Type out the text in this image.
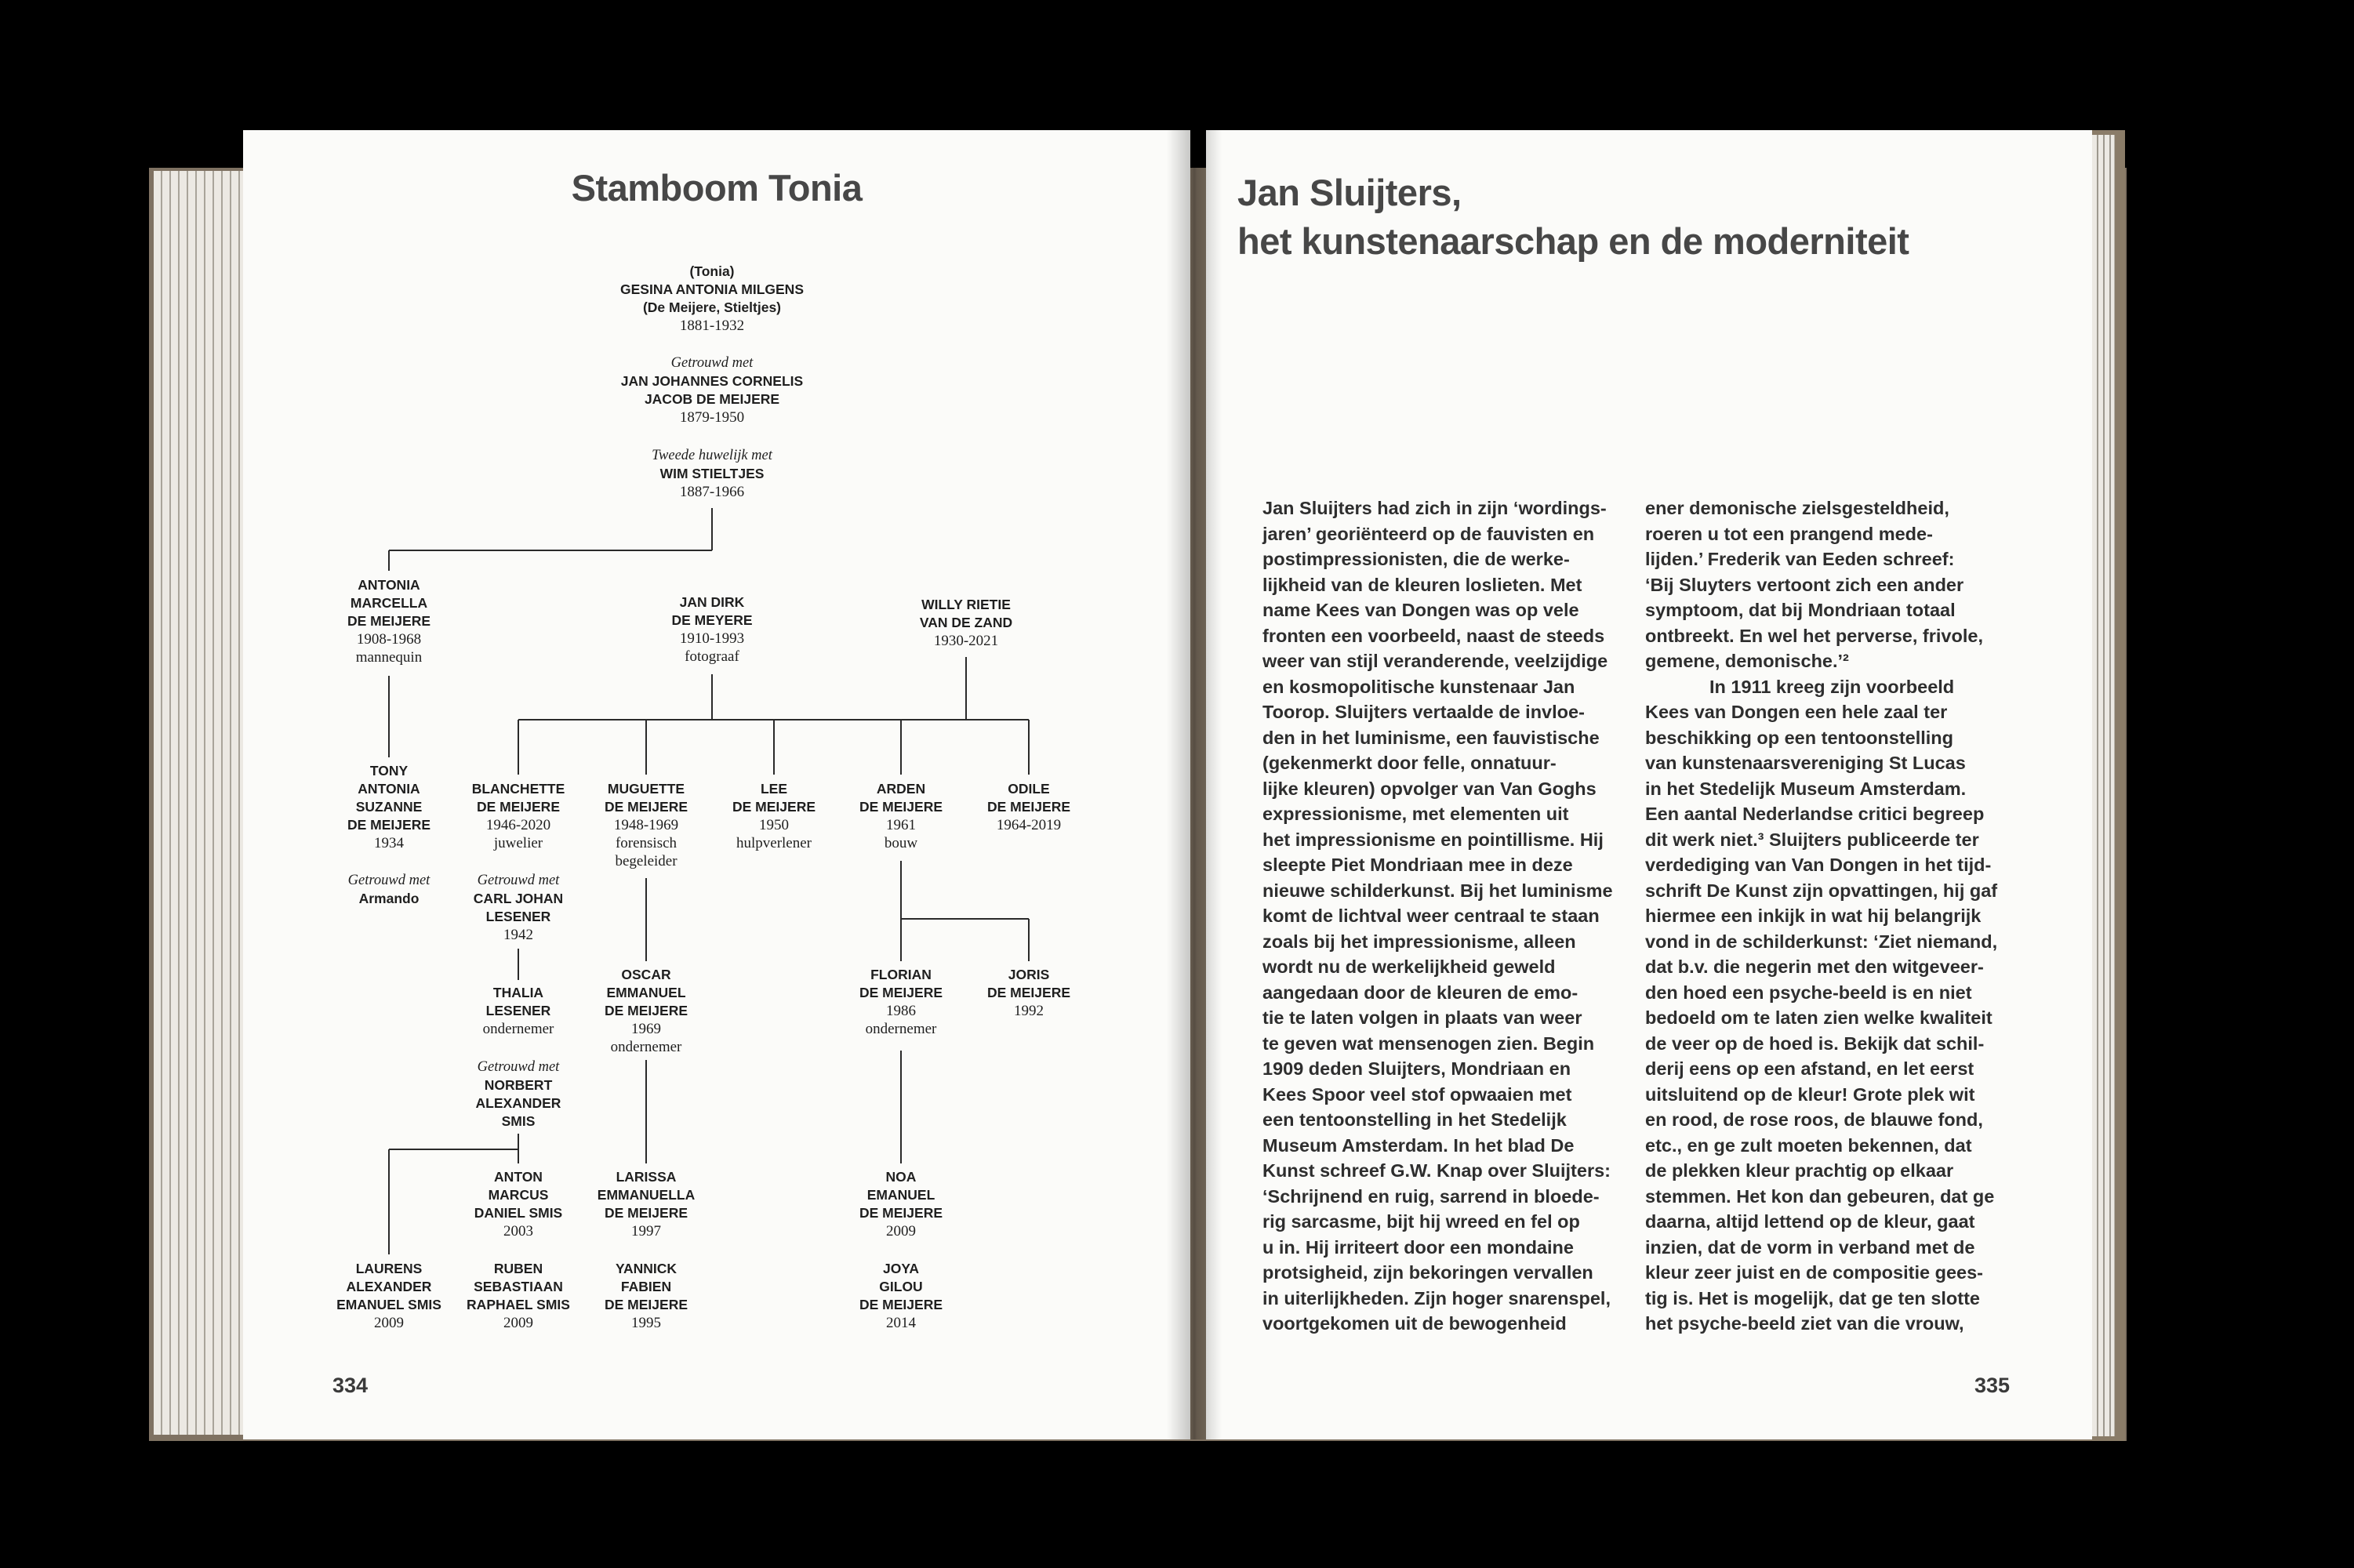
Stamboom Tonia
(Tonia)
GESINA ANTONIA MILGENS
(De Meijere, Stieltjes)
1881-1932
Getrouwd met
JAN JOHANNES CORNELIS
JACOB DE MEIJERE
1879-1950
Tweede huwelijk met
WIM STIELTJES
1887-1966
ANTONIA
MARCELLA
DE MEIJERE
1908-1968
mannequin
JAN DIRK
DE MEYERE
1910-1993
fotograaf
WILLY RIETIE
VAN DE ZAND
1930-2021
TONY
ANTONIA
SUZANNE
DE MEIJERE
1934
Getrouwd met
Armando
BLANCHETTE
DE MEIJERE
1946-2020
juwelier
Getrouwd met
CARL JOHAN
LESENER
1942
THALIA
LESENER
ondernemer
Getrouwd met
NORBERT
ALEXANDER
SMIS
ANTON
MARCUS
DANIEL SMIS
2003
LAURENS
ALEXANDER
EMANUEL SMIS
2009
RUBEN
SEBASTIAAN
RAPHAEL SMIS
2009
MUGUETTE
DE MEIJERE
1948-1969
forensisch
begeleider
OSCAR
EMMANUEL
DE MEIJERE
1969
ondernemer
LARISSA
EMMANUELLA
DE MEIJERE
1997
YANNICK
FABIEN
DE MEIJERE
1995
LEE
DE MEIJERE
1950
hulpverlener
ARDEN
DE MEIJERE
1961
bouw
FLORIAN
DE MEIJERE
1986
ondernemer
NOA
EMANUEL
DE MEIJERE
2009
JOYA
GILOU
DE MEIJERE
2014
ODILE
DE MEIJERE
1964-2019
JORIS
DE MEIJERE
1992
Jan Sluijters,
het kunstenaarschap en de moderniteit

Jan Sluijters had zich in zijn ‘wordings-

jaren’ georiënteerd op de fauvisten en

postimpressionisten, die de werke-

lijkheid van de kleuren loslieten. Met

name Kees van Dongen was op vele

fronten een voorbeeld, naast de steeds

weer van stijl veranderende, veelzijdige

en kosmopolitische kunstenaar Jan

Toorop. Sluijters vertaalde de invloe-

den in het luminisme, een fauvistische

(gekenmerkt door felle, onnatuur-

lijke kleuren) opvolger van Van Goghs

expressionisme, met elementen uit

het impressionisme en pointillisme. Hij

sleepte Piet Mondriaan mee in deze

nieuwe schilderkunst. Bij het luminisme

komt de lichtval weer centraal te staan

zoals bij het impressionisme, alleen

wordt nu de werkelijkheid geweld

aangedaan door de kleuren de emo-

tie te laten volgen in plaats van weer

te geven wat mensenogen zien. Begin

1909 deden Sluijters, Mondriaan en

Kees Spoor veel stof opwaaien met

een tentoonstelling in het Stedelijk

Museum Amsterdam. In het blad De

Kunst schreef G.W. Knap over Sluijters:

‘Schrijnend en ruig, sarrend in bloede-

rig sarcasme, bijt hij wreed en fel op

u in. Hij irriteert door een mondaine

protsigheid, zijn bekoringen vervallen

in uiterlijkheden. Zijn hoger snarenspel,

voortgekomen uit de bewogenheid

ener demonische zielsgesteldheid,

roeren u tot een prangend mede-

lijden.’ Frederik van Eeden schreef:

‘Bij Sluyters vertoont zich een ander

symptoom, dat bij Mondriaan totaal

ontbreekt. En wel het perverse, frivole,

gemene, demonische.’²

In 1911 kreeg zijn voorbeeld

Kees van Dongen een hele zaal ter

beschikking op een tentoonstelling

van kunstenaarsvereniging St Lucas

in het Stedelijk Museum Amsterdam.

Een aantal Nederlandse critici begreep

dit werk niet.³ Sluijters publiceerde ter

verdediging van Van Dongen in het tijd-

schrift De Kunst zijn opvattingen, hij gaf

hiermee een inkijk in wat hij belangrijk

vond in de schilderkunst: ‘Ziet niemand,

dat b.v. die negerin met den witgeveer-

den hoed een psyche-beeld is en niet

bedoeld om te laten zien welke kwaliteit

de veer op de hoed is. Bekijk dat schil-

derij eens op een afstand, en let eerst

uitsluitend op de kleur! Grote plek wit

en rood, de rose roos, de blauwe fond,

etc., en ge zult moeten bekennen, dat

de plekken kleur prachtig op elkaar

stemmen. Het kon dan gebeuren, dat ge

daarna, altijd lettend op de kleur, gaat

inzien, dat de vorm in verband met de

kleur zeer juist en de compositie gees-

tig is. Het is mogelijk, dat ge ten slotte

het psyche-beeld ziet van die vrouw,

334	335
